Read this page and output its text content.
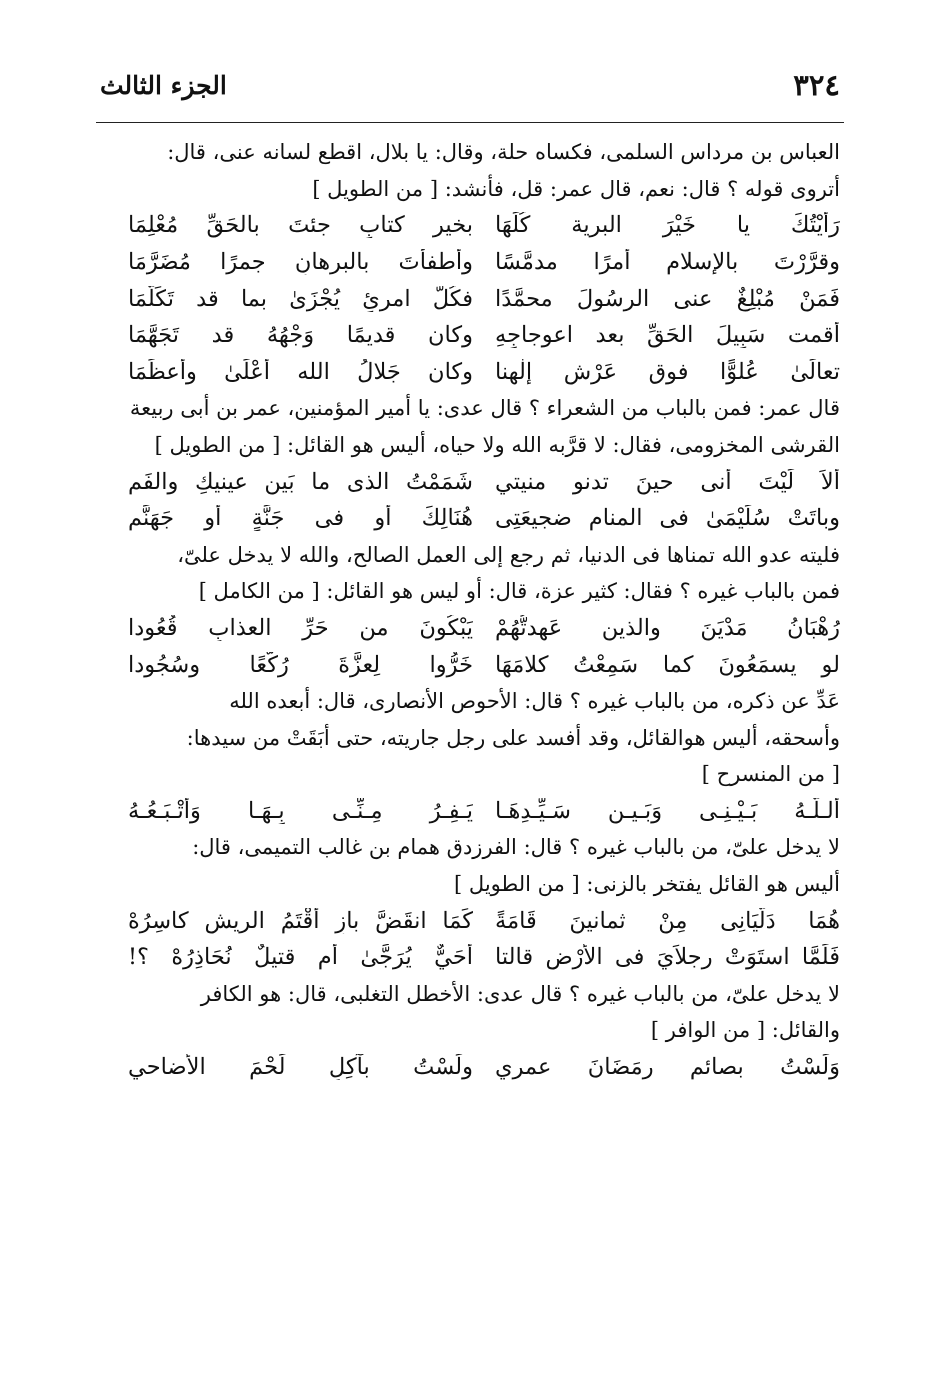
٣٢٤
الجزء الثالث

العباس بن مرداس السلمى، فكساه حلة، وقال: يا بلال، اقطع لسانه عنى، قال:

أتروى قوله ؟ قال: نعم، قال عمر: قل، فأنشد: [ من الطويل ]

رَأَيْتُكَ يا خَيْرَ البرية كُلِّهَا
بخيرِ كتابٍ جئتَ بالحَقِّ مُعْلِمَا
وقرَّرْتَ بالإسلام أمرًا مدمَّسًا
وأطفأْتَ بالبرهانِ جمرًا مُضَرَّمَا
فَمَنْ مُبْلِغٌ عنى الرسُولَ محمَّدًا
فكُلُّ امرئٍ يُجْزَىٰ بما قد تَكَلَّمَا
أقمت سَبِيلَ الحَقِّ بعد اعوجاجِهِ
وكان قديمًا وَجْهُهُ قد تَجَهَّمَا
تعالَىٰ عُلوًّا فوق عَرْشِ إلٰهنا
وكان جَلالُ الله أعْلَىٰ وأعظَمَا

قال عمر: فمن بالباب من الشعراء ؟ قال عدى: يا أمير المؤمنين، عمر بن أبى ربيعة

القرشى المخزومى، فقال: لا قرَّبه الله ولا حياه، أليس هو القائل: [ من الطويل ]

ألاَ لَيْتَ أنى حينَ تدنو منيتي
شَمَمْتُ الذى ما بَين عينيكِ والفَمِ
وباتَتْ سُلَيْمَىٰ فى المنام ضجيعَتِى
هُنَالِكَ أو فى جَنَّةٍ أو جَهَنَّمِ

فليته عدو الله تمناها فى الدنيا، ثم رجع إلى العمل الصالح، والله لا يدخل علىّ،

فمن بالباب غيره ؟ فقال: كثير عزة، قال: أو ليس هو القائل: [ من الكامل ]

رُهْبَانُ مَدْيَنَ والذين عَهِدتُّهُمْ
يَبْكُونَ من حَرِّ العذابِ قُعُودا
لو يسمَعُونَ كما سَمِعْتُ كلامَهَا
خَرُّوا لِعزَّةَ رُكَّعًا وسُجُودا

عَدِّ عن ذكره، من بالباب غيره ؟ قال: الأحوص الأنصارى، قال: أبعده الله

وأسحقه، أليس هوالقائل، وقد أفسد على رجل جاريته، حتى أبَقَتْ من سيدها:

[ من المنسرح ]

ألـلَّـهُ بَـيْـنِـى وَبَـيـن سَـيِّـدِهَـا
يَـفِـرُ مِـنِّـى بِـهَـا وَأَتْـبَـعُـهُ

لا يدخل علىّ، من بالباب غيره ؟ قال: الفرزدق همام بن غالب التميمى، قال:

أليس هو القائل يفتخر بالزنى: [ من الطويل ]

هُمَا دَلَّيَانِى مِنْ ثمانينَ قَامَةً
كَمَا انقَضَّ بازٍ أقْتَمُ الريشِ كاسِرُهْ
فَلَمَّا استَوَتْ رِجلاَيَ فى الأرْضِ قالتا
أحَيٌّ يُرَجَّىٰ أم قتيلٌ نُحَاذِرُهْ ؟!

لا يدخل علىّ، من بالباب غيره ؟ قال عدى: الأخطل التغلبى، قال: هو الكافر

والقائل: [ من الوافر ]

وَلَسْتُ بصائمٍ رمَضَانَ عمري
ولَسْتُ بآكِلٍ لَحْمَ الأضاحي
